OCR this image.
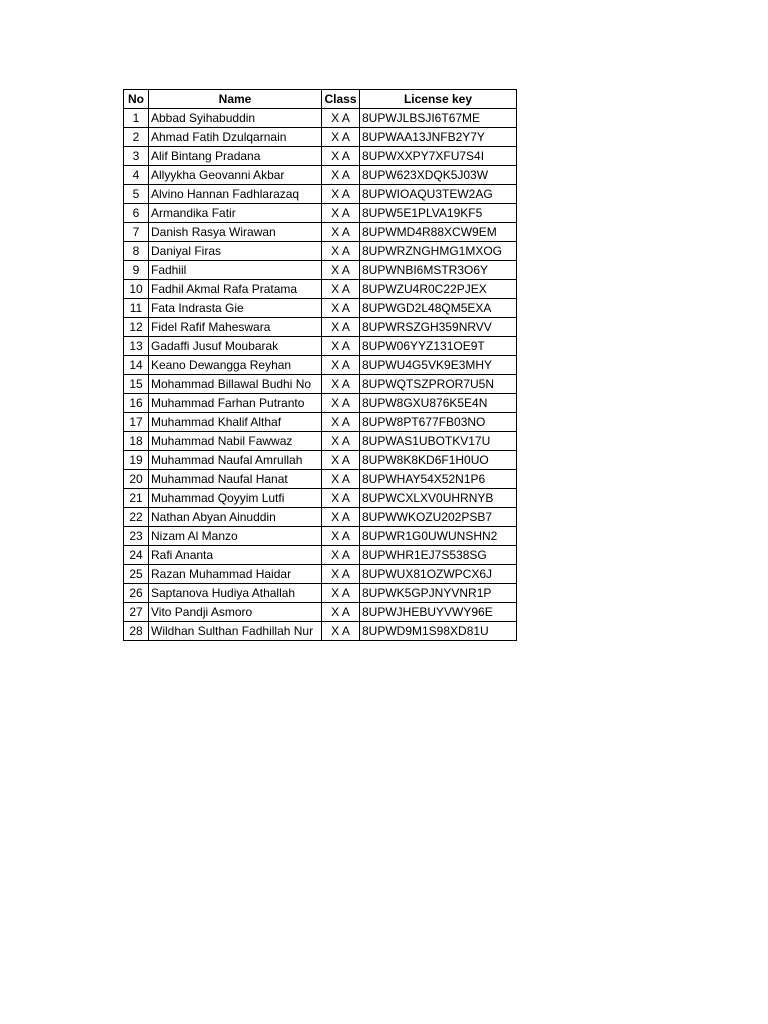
No	Name	Class	License key
1	Abbad Syihabuddin	X A	8UPWJLBSJI6T67ME
2	Ahmad Fatih Dzulqarnain	X A	8UPWAA13JNFB2Y7Y
3	Alif Bintang Pradana	X A	8UPWXXPY7XFU7S4I
4	Allyykha Geovanni Akbar	X A	8UPW623XDQK5J03W
5	Alvino Hannan Fadhlarazaq	X A	8UPWIOAQU3TEW2AG
6	Armandika Fatir	X A	8UPW5E1PLVA19KF5
7	Danish Rasya Wirawan	X A	8UPWMD4R88XCW9EM
8	Daniyal Firas	X A	8UPWRZNGHMG1MXOG
9	Fadhiil	X A	8UPWNBI6MSTR3O6Y
10	Fadhil Akmal Rafa Pratama	X A	8UPWZU4R0C22PJEX
11	Fata Indrasta Gie	X A	8UPWGD2L48QM5EXA
12	Fidel Rafif Maheswara	X A	8UPWRSZGH359NRVV
13	Gadaffi Jusuf Moubarak	X A	8UPW06YYZ131OE9T
14	Keano Dewangga Reyhan	X A	8UPWU4G5VK9E3MHY
15	Mohammad Billawal Budhi No	X A	8UPWQTSZPROR7U5N
16	Muhammad Farhan Putranto	X A	8UPW8GXU876K5E4N
17	Muhammad Khalif Althaf	X A	8UPW8PT677FB03NO
18	Muhammad Nabil Fawwaz	X A	8UPWAS1UBOTKV17U
19	Muhammad Naufal Amrullah	X A	8UPW8K8KD6F1H0UO
20	Muhammad Naufal Hanat	X A	8UPWHAY54X52N1P6
21	Muhammad Qoyyim Lutfi	X A	8UPWCXLXV0UHRNYB
22	Nathan Abyan Ainuddin	X A	8UPWWKOZU202PSB7
23	Nizam Al Manzo	X A	8UPWR1G0UWUNSHN2
24	Rafi Ananta	X A	8UPWHR1EJ7S538SG
25	Razan Muhammad Haidar	X A	8UPWUX81OZWPCX6J
26	Saptanova Hudiya Athallah	X A	8UPWK5GPJNYVNR1P
27	Vito Pandji Asmoro	X A	8UPWJHEBUYVWY96E
28	Wildhan Sulthan Fadhillah Nur	X A	8UPWD9M1S98XD81U
